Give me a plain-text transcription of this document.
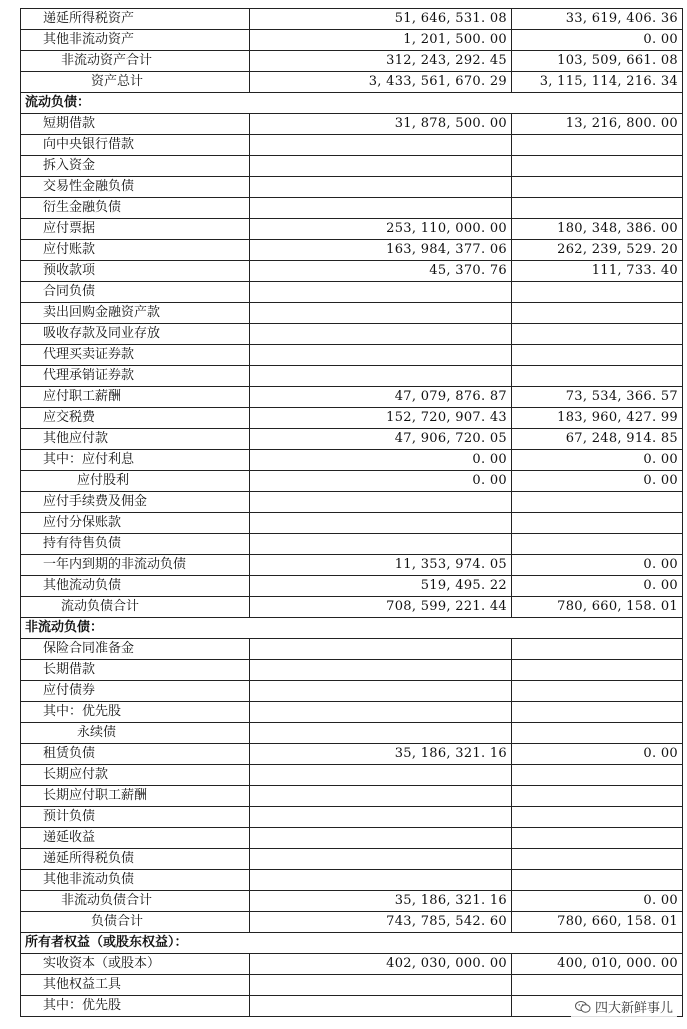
递延所得税资产	51, 646, 531. 08	33, 619, 406. 36
其他非流动资产	1, 201, 500. 00	0. 00
非流动资产合计	312, 243, 292. 45	103, 509, 661. 08
资产总计	3, 433, 561, 670. 29	3, 115, 114, 216. 34
流动负债：		
短期借款	31, 878, 500. 00	13, 216, 800. 00
向中央银行借款		
拆入资金		
交易性金融负债		
衍生金融负债		
应付票据	253, 110, 000. 00	180, 348, 386. 00
应付账款	163, 984, 377. 06	262, 239, 529. 20
预收款项	45, 370. 76	111, 733. 40
合同负债		
卖出回购金融资产款		
吸收存款及同业存放		
代理买卖证券款		
代理承销证券款		
应付职工薪酬	47, 079, 876. 87	73, 534, 366. 57
应交税费	152, 720, 907. 43	183, 960, 427. 99
其他应付款	47, 906, 720. 05	67, 248, 914. 85
其中：应付利息	0. 00	0. 00
应付股利	0. 00	0. 00
应付手续费及佣金		
应付分保账款		
持有待售负债		
一年内到期的非流动负债	11, 353, 974. 05	0. 00
其他流动负债	519, 495. 22	0. 00
流动负债合计	708, 599, 221. 44	780, 660, 158. 01
非流动负债：		
保险合同准备金		
长期借款		
应付债券		
其中：优先股		
永续债		
租赁负债	35, 186, 321. 16	0. 00
长期应付款		
长期应付职工薪酬		
预计负债		
递延收益		
递延所得税负债		
其他非流动负债		
非流动负债合计	35, 186, 321. 16	0. 00
负债合计	743, 785, 542. 60	780, 660, 158. 01
所有者权益（或股东权益）：		
实收资本（或股本）	402, 030, 000. 00	400, 010, 000. 00
其他权益工具		
其中：优先股			四大新鲜事儿
